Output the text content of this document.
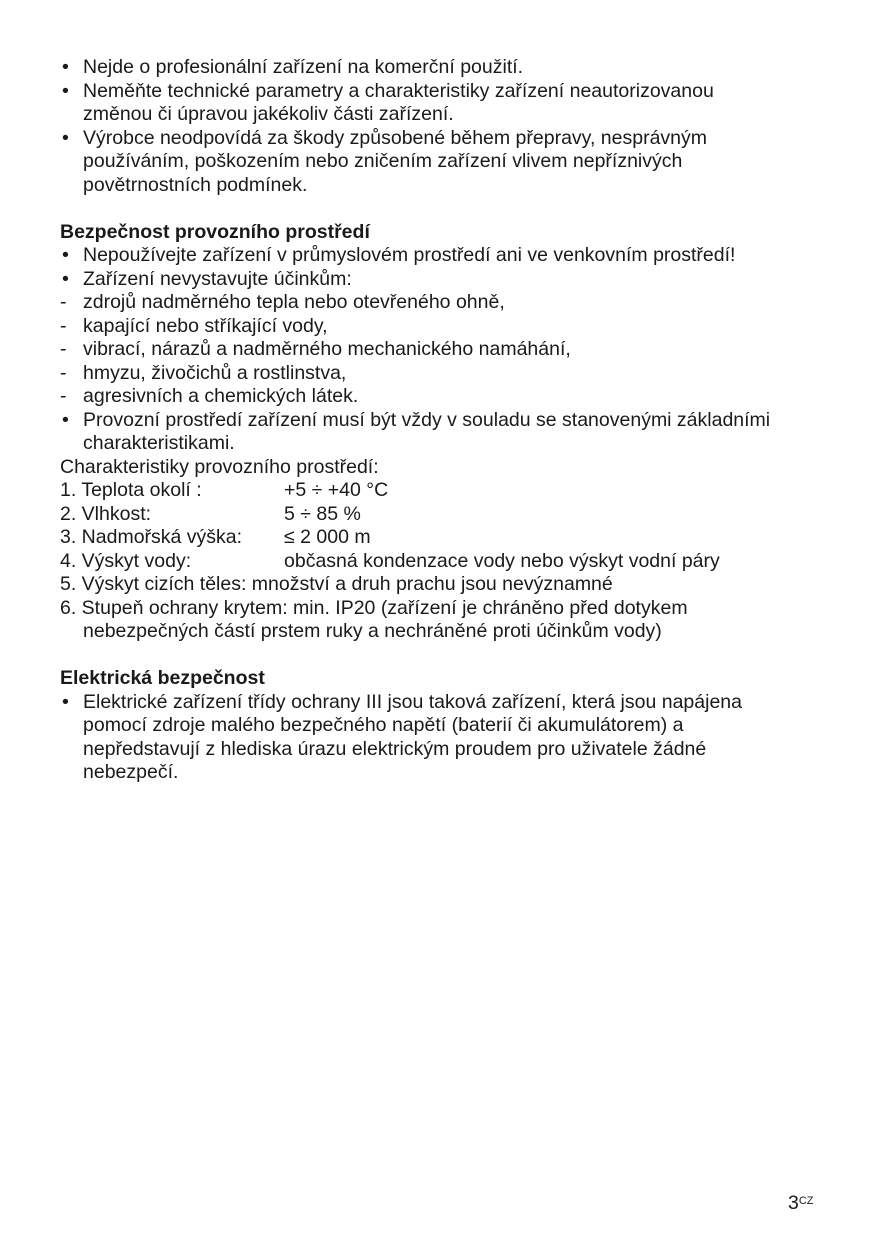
• Nejde o profesionální zařízení na komerční použití.
• Neměňte technické parametry a charakteristiky zařízení neautorizovanou
změnou či úpravou jakékoliv části zařízení.
• Výrobce neodpovídá za škody způsobené během přepravy, nesprávným
používáním, poškozením nebo zničením zařízení vlivem nepříznivých
povětrnostních podmínek.
Bezpečnost provozního prostředí
• Nepoužívejte zařízení v průmyslovém prostředí ani ve venkovním prostředí!
• Zařízení nevystavujte účinkům:
- zdrojů nadměrného tepla nebo otevřeného ohně,
- kapající nebo stříkající vody,
- vibrací, nárazů a nadměrného mechanického namáhání,
- hmyzu, živočichů a rostlinstva,
- agresivních a chemických látek.
• Provozní prostředí zařízení musí být vždy v souladu se stanovenými základními
charakteristikami.
Charakteristiky provozního prostředí:
1. Teplota okolí :	+5 ÷ +40 °C
2. Vlhkost:	5 ÷ 85 %
3. Nadmořská výška: ≤ 2 000 m
4. Výskyt vody:	občasná kondenzace vody nebo výskyt vodní páry
5. Výskyt cizích těles: množství a druh prachu jsou nevýznamné
6. Stupeň ochrany krytem: min. IP20 (zařízení je chráněno před dotykem
nebezpečných částí prstem ruky a nechráněné proti účinkům vody)
Elektrická bezpečnost
• Elektrické zařízení třídy ochrany III jsou taková zařízení, která jsou napájena
pomocí zdroje malého bezpečného napětí (baterií či akumulátorem) a
nepředstavují z hlediska úrazu elektrickým proudem pro uživatele žádné
nebezpečí.
$3^{CZ}$
